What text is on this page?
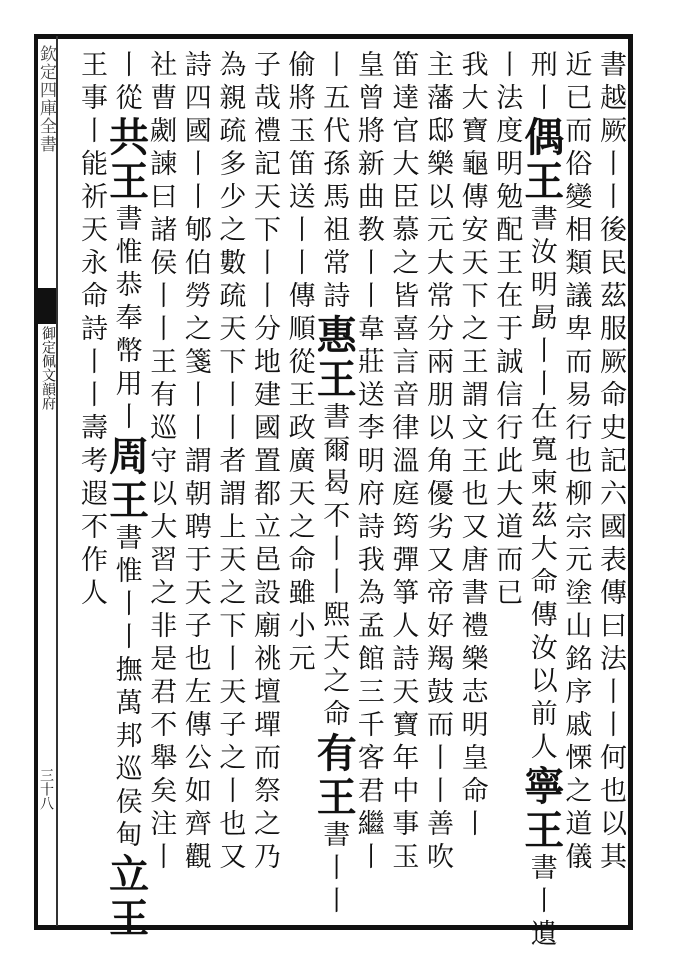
欽定四庫全書
御定佩文韻府
三十八	書越厥丨丨後民茲服厥命史記六國表傳曰法丨丨何也以其
近已而俗變相類議卑而易行也柳宗元塗山銘序戚慄之道儀
刑丨偶王書汝明勗丨丨在寬柬茲大命傳汝以前人寧王書丨遺
丨法度明勉配王在于誠信行此大道而已
我大寶龜傳安天下之王謂文王也又唐書禮樂志明皇命丨
主藩邸樂以元大常分兩朋以角優劣又帝好羯鼓而丨丨善吹
笛達官大臣慕之皆喜言音律溫庭筠彈箏人詩天寶年中事玉
皇曾將新曲教丨丨韋莊送李明府詩我為孟館三千客君繼丨
丨五代孫馬祖常詩惠王書爾曷不丨丨熙天之命有王書丨丨
偷將玉笛送丨丨傳順從王政廣天之命雖小元
子哉禮記天下丨丨分地建國置都立邑設廟祧壇墠而祭之乃
為親疏多少之數疏天下丨丨者謂上天之下丨天子之丨也又
詩四國丨丨郇伯勞之箋丨丨謂朝聘于天子也左傳公如齊觀
社曹劌諫曰諸侯丨丨王有巡守以大習之非是君不舉矣注丨
丨從共王書惟恭奉幣用丨周王書惟丨丨撫萬邦巡侯甸立王
王事丨能祈天永命詩丨丨壽考遐不作人
